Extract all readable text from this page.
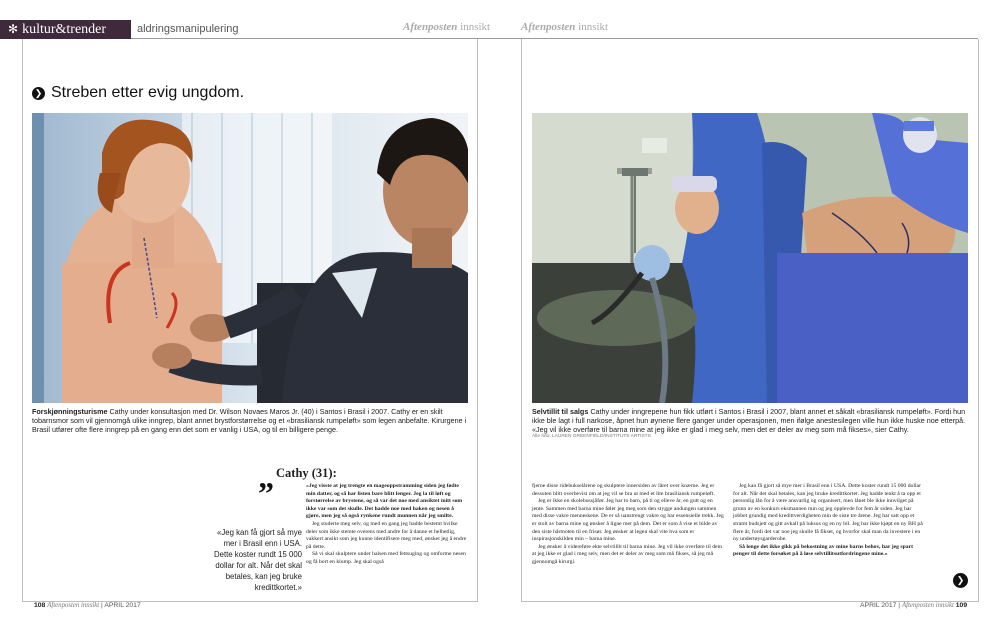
✻ kultur&trender	aldringsmanipulering	Aftenposten innsikt	Aftenposten innsikt
❯ Streben etter evig ungdom.
Forskjønningsturisme Cathy under konsultasjon med Dr. Wilson Novaes Maros Jr. (40) i Santos i Brasil i 2007. Cathy er en skilt tobarnsmor som vil gjennomgå ulike inngrep, blant annet brystforstørrelse og et «brasiliansk rumpeløft» som legen anbefalte. Kirurgene i Brasil utfører ofte flere inngrep på en gang enn det som er vanlig i USA, og til en billigere penge.
Selvtillit til salgs Cathy under inngrepene hun fikk utført i Santos i Brasil i 2007, blant annet et såkalt «brasiliansk rumpeløft». Fordi hun ikke ble lagt i full narkose, åpnet hun øynene flere ganger under operasjonen, men ifølge anestesilegen ville hun ikke huske noe etterpå. «Jeg vil ikke overføre til barna mine at jeg ikke er glad i meg selv, men det er deler av meg som må fikses», sier Cathy.
Alle foto: LAUREN GREENFIELD/INSTITUTE ARTISTS
Cathy (31):
”
«Jeg kan få gjort så mye mer i Brasil enn i USA. Dette koster rundt 15 000 dollar for alt. Når det skal betales, kan jeg bruke kredittkortet.»

«Jeg visste at jeg trengte en mageoppstramming siden jeg fødte min datter, og så har listen bare blitt lenger. Jeg la til løft og forstørrelse av brystene, og så var det noe med ansiktet mitt som ikke var som det skulle. Det hadde noe med haken og nesen å gjøre, men jeg så også rynkene rundt munnen når jeg smilte.

Jeg studerte meg selv, og med en gang jeg hadde bestemt hvilke deler som ikke stemte overens med andre for å danne et helhetlig, vakkert ansikt som jeg kunne identifisere meg med, ønsket jeg å endre på dette.

Så vi skal skulptere under halsen med fettsuging og omforme nesen og få bort en klump. Jeg skal også

fjerne disse ridebukselårene og skulptere innersiden av låret over knærne. Jeg er dessuten blitt overbevist om at jeg vil se bra ut med et lite brasiliansk rumpeløft.

Jeg er ikke en skolebussjåfør. Jeg har to barn, på ti og elleve år, en gutt og en jente. Sammen med barna mine føler jeg meg som den stygge andungen sammen med disse vakre menneskene. De er så uanstrengt vakre og har essensielle trekk. Jeg er stolt av barna mine og ønsker å ligne mer på dem. Det er som å vise et bilde av den siste hårmoten til en frisør. Jeg ønsker at legen skal vite hva som er inspirasjonskilden min – barna mine.

Jeg ønsker å videreføre ekte selvtillit til barna mine. Jeg vil ikke overføre til dem at jeg ikke er glad i meg selv, men det er deler av meg som må fikses, så jeg må gjennomgå kirurgi.

Jeg kan få gjort så mye mer i Brasil enn i USA. Dette koster rundt 15 000 dollar for alt. Når det skal betales, kan jeg bruke kredittkortet. Jeg hadde tenkt å ta opp et personlig lån for å være ansvarlig og organisert, men lånet ble ikke innvilget på grunn av en konkurs eksmannen min og jeg opplevde for fem år siden. Jeg har jobbet grundig med kredittverdigheten min de siste tre årene. Jeg har satt opp et stramt budsjett og gitt avkall på luksus og en ny bil. Jeg har ikke kjøpt en ny BH på flere år, fordi det var noe jeg skulle få fikset, og hvorfor skal man da investere i en ny undertøysgarderobe.

Så lenge det ikke gikk på bekostning av mine barns behov, har jeg spart penger til dette forsøket på å løse selvtillitsutfordringene mine.»

❯
108 Aftenposten innsikt | APRIL 2017	APRIL 2017 | Aftenposten innsikt 109
